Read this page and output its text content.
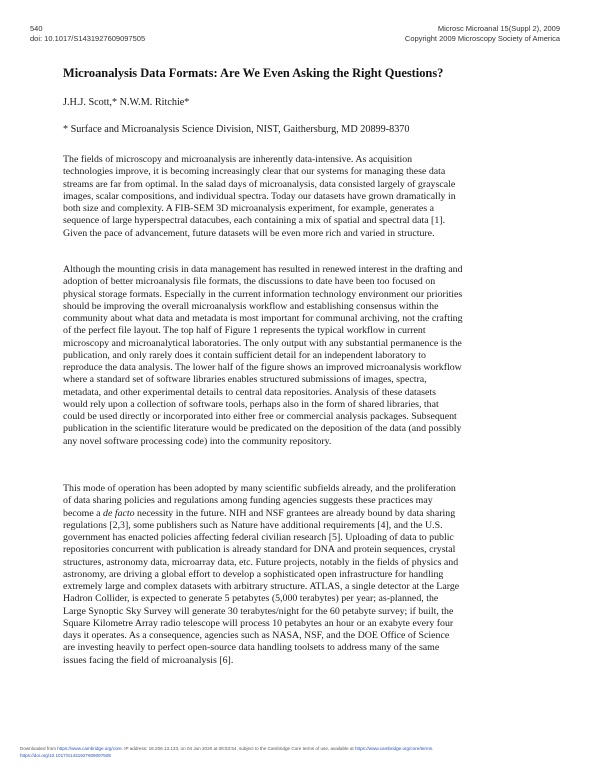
540
doi: 10.1017/S1431927609097505
Microsc Microanal 15(Suppl 2), 2009
Copyright 2009 Microscopy Society of America
Microanalysis Data Formats: Are We Even Asking the Right Questions?
J.H.J. Scott,* N.W.M. Ritchie*
* Surface and Microanalysis Science Division, NIST, Gaithersburg, MD 20899-8370
The fields of microscopy and microanalysis are inherently data-intensive. As acquisition
technologies improve, it is becoming increasingly clear that our systems for managing these data
streams are far from optimal. In the salad days of microanalysis, data consisted largely of grayscale
images, scalar compositions, and individual spectra. Today our datasets have grown dramatically in
both size and complexity. A FIB-SEM 3D microanalysis experiment, for example, generates a
sequence of large hyperspectral datacubes, each containing a mix of spatial and spectral data [1].
Given the pace of advancement, future datasets will be even more rich and varied in structure.
Although the mounting crisis in data management has resulted in renewed interest in the drafting and
adoption of better microanalysis file formats, the discussions to date have been too focused on
physical storage formats. Especially in the current information technology environment our priorities
should be improving the overall microanalysis workflow and establishing consensus within the
community about what data and metadata is most important for communal archiving, not the crafting
of the perfect file layout. The top half of Figure 1 represents the typical workflow in current
microscopy and microanalytical laboratories. The only output with any substantial permanence is the
publication, and only rarely does it contain sufficient detail for an independent laboratory to
reproduce the data analysis. The lower half of the figure shows an improved microanalysis workflow
where a standard set of software libraries enables structured submissions of images, spectra,
metadata, and other experimental details to central data repositories. Analysis of these datasets
would rely upon a collection of software tools, perhaps also in the form of shared libraries, that
could be used directly or incorporated into either free or commercial analysis packages. Subsequent
publication in the scientific literature would be predicated on the deposition of the data (and possibly
any novel software processing code) into the community repository.
This mode of operation has been adopted by many scientific subfields already, and the proliferation
of data sharing policies and regulations among funding agencies suggests these practices may
become a de facto necessity in the future. NIH and NSF grantees are already bound by data sharing
regulations [2,3], some publishers such as Nature have additional requirements [4], and the U.S.
government has enacted policies affecting federal civilian research [5]. Uploading of data to public
repositories concurrent with publication is already standard for DNA and protein sequences, crystal
structures, astronomy data, microarray data, etc. Future projects, notably in the fields of physics and
astronomy, are driving a global effort to develop a sophisticated open infrastructure for handling
extremely large and complex datasets with arbitrary structure. ATLAS, a single detector at the Large
Hadron Collider, is expected to generate 5 petabytes (5,000 terabytes) per year; as-planned, the
Large Synoptic Sky Survey will generate 30 terabytes/night for the 60 petabyte survey; if built, the
Square Kilometre Array radio telescope will process 10 petabytes an hour or an exabyte every four
days it operates. As a consequence, agencies such as NASA, NSF, and the DOE Office of Science
are investing heavily to perfect open-source data handling toolsets to address many of the same
issues facing the field of microanalysis [6].
Downloaded from https://www.cambridge.org/core. IP address: 18.206.13.133, on 04 Jun 2020 at 08:53:54, subject to the Cambridge Core terms of use, available at https://www.cambridge.org/core/terms.
https://doi.org/10.1017/S1431927609097505
